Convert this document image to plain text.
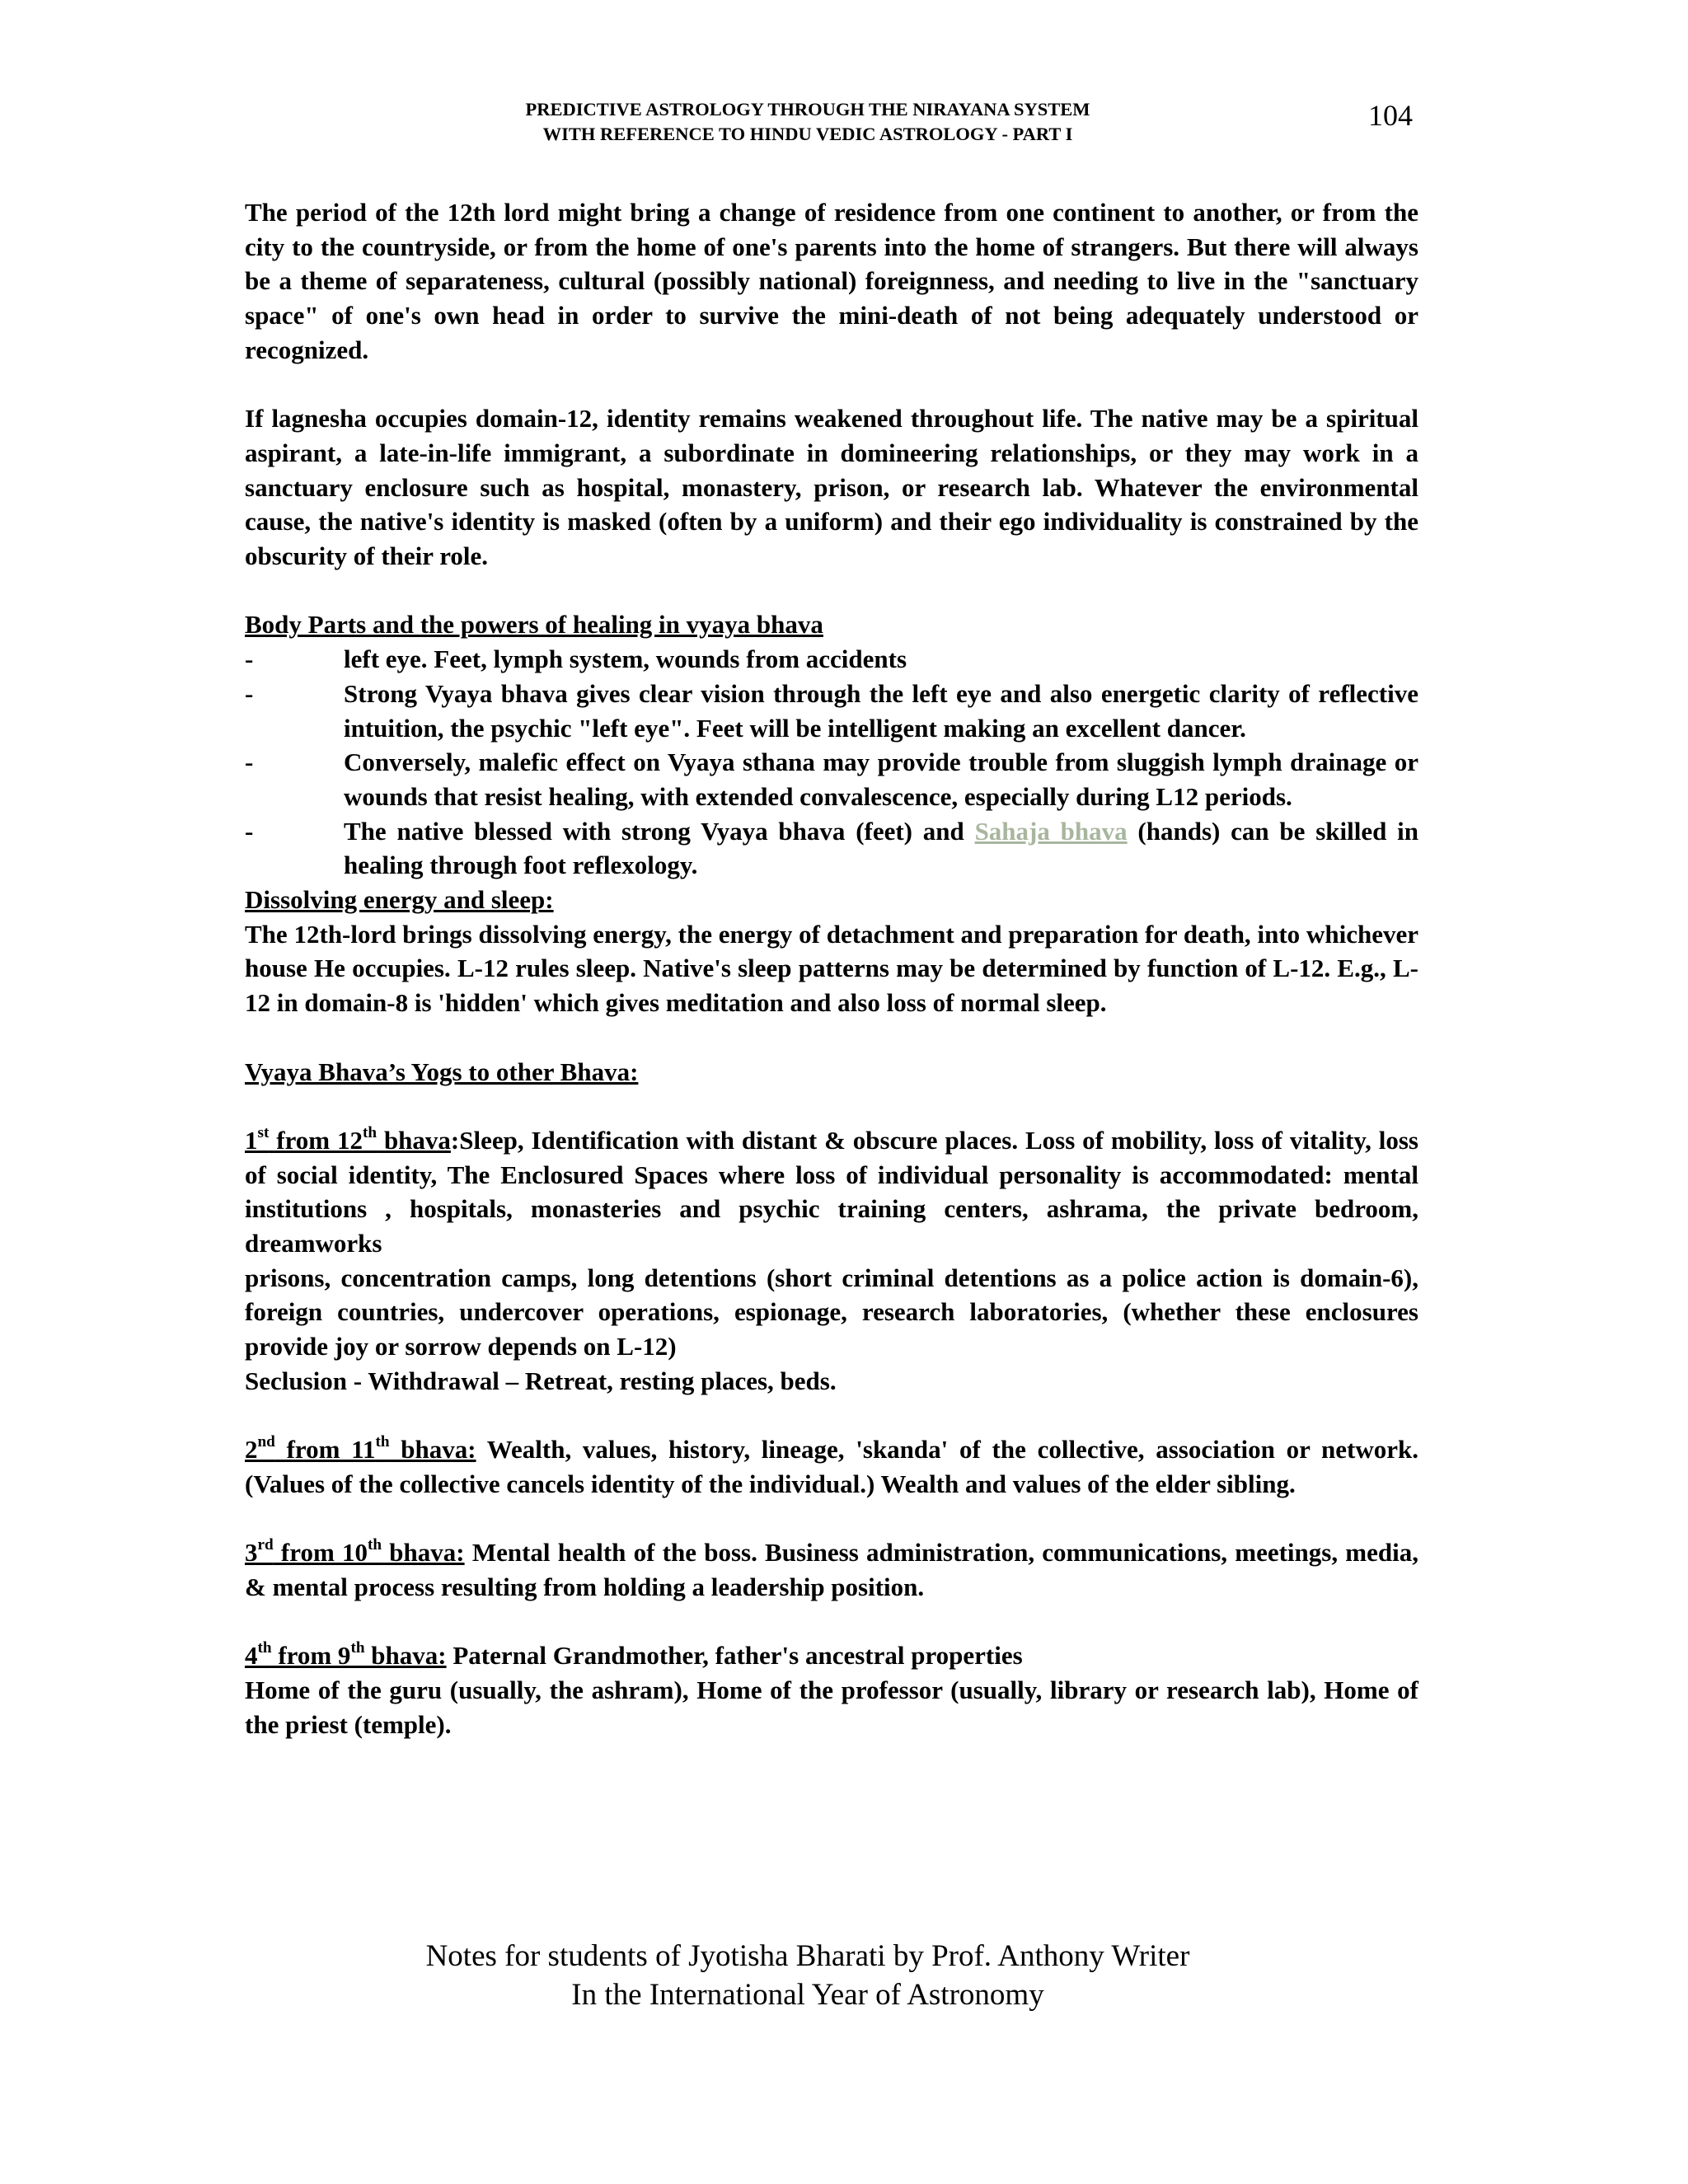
PREDICTIVE ASTROLOGY THROUGH THE NIRAYANA SYSTEM
WITH REFERENCE TO HINDU VEDIC ASTROLOGY - PART I
104

The period of the 12th lord might bring a change of residence from one continent to another, or from the city to the countryside, or from the home of one's parents into the home of strangers. But there will always be a theme of separateness, cultural (possibly national) foreignness, and needing to live in the "sanctuary space" of one's own head in order to survive the mini-death of not being adequately understood or recognized.

If lagnesha occupies domain-12, identity remains weakened throughout life. The native may be a spiritual aspirant, a late-in-life immigrant, a subordinate in domineering relationships, or they may work in a sanctuary enclosure such as hospital, monastery, prison, or research lab. Whatever the environmental cause, the native's identity is masked (often by a uniform) and their ego individuality is constrained by the obscurity of their role.

Body Parts and the powers of healing in vyaya bhava

-	left eye. Feet, lymph system, wounds from accidents
-	Strong Vyaya bhava gives clear vision through the left eye and also energetic clarity of reflective intuition, the psychic "left eye". Feet will be intelligent making an excellent dancer.
-	Conversely, malefic effect on Vyaya sthana may provide trouble from sluggish lymph drainage or wounds that resist healing, with extended convalescence, especially during L12 periods.
-	The native blessed with strong Vyaya bhava (feet) and Sahaja bhava (hands) can be skilled in healing through foot reflexology.

Dissolving energy and sleep:

The 12th-lord brings dissolving energy, the energy of detachment and preparation for death, into whichever house He occupies. L-12 rules sleep. Native's sleep patterns may be determined by function of L-12. E.g., L-12 in domain-8 is 'hidden' which gives meditation and also loss of normal sleep.

Vyaya Bhava’s Yogs to other Bhava:

1st from 12th bhava:Sleep, Identification with distant & obscure places. Loss of mobility, loss of vitality, loss of social identity, The Enclosured Spaces where loss of individual personality is accommodated: mental institutions , hospitals, monasteries and psychic training centers, ashrama, the private bedroom, dreamworks

prisons, concentration camps, long detentions (short criminal detentions as a police action is domain-6), foreign countries, undercover operations, espionage, research laboratories, (whether these enclosures provide joy or sorrow depends on L-12)

Seclusion - Withdrawal – Retreat, resting places, beds.

2nd from 11th bhava: Wealth, values, history, lineage, 'skanda' of the collective, association or network. (Values of the collective cancels identity of the individual.) Wealth and values of the elder sibling.

3rd from 10th bhava: Mental health of the boss. Business administration, communications, meetings, media, & mental process resulting from holding a leadership position.

4th from 9th bhava: Paternal Grandmother, father's ancestral properties

Home of the guru (usually, the ashram), Home of the professor (usually, library or research lab), Home of the priest (temple).

Notes for students of Jyotisha Bharati by Prof. Anthony Writer
In the International Year of Astronomy
